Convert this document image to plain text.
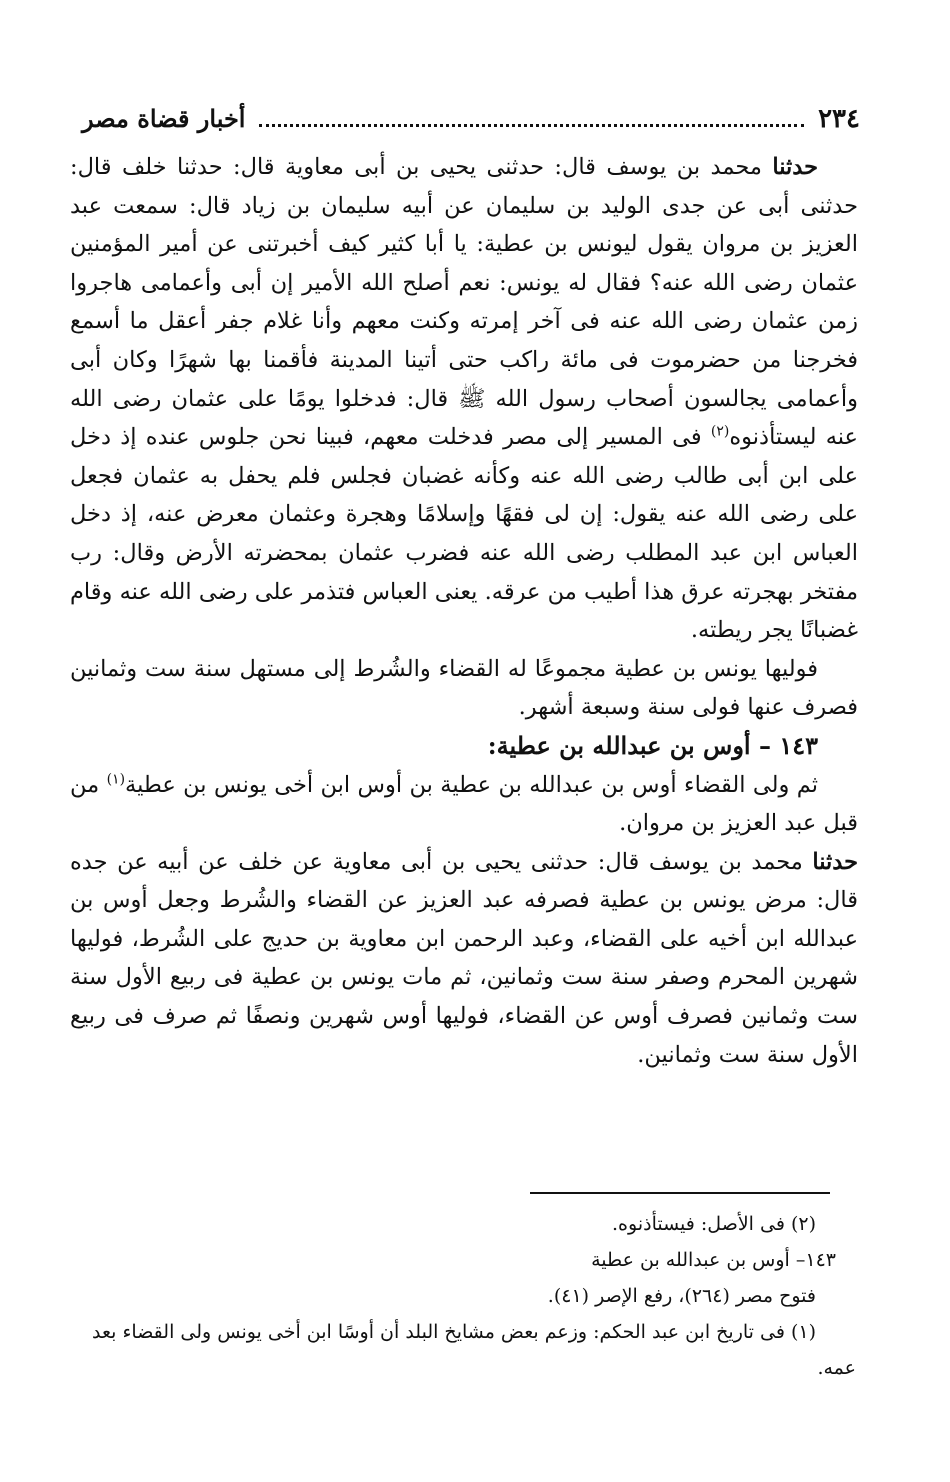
٢٣٤
أخبار قضاة مصر

حدثنا محمد بن يوسف قال: حدثنى يحيى بن أبى معاوية قال: حدثنا خلف قال: حدثنى أبى عن جدى الوليد بن سليمان عن أبيه سليمان بن زياد قال: سمعت عبد العزيز بن مروان يقول ليونس بن عطية: يا أبا كثير كيف أخبرتنى عن أمير المؤمنين عثمان رضى الله عنه؟ فقال له يونس: نعم أصلح الله الأمير إن أبى وأعمامى هاجروا زمن عثمان رضى الله عنه فى آخر إمرته وكنت معهم وأنا غلام جفر أعقل ما أسمع فخرجنا من حضرموت فى مائة راكب حتى أتينا المدينة فأقمنا بها شهرًا وكان أبى وأعمامى يجالسون أصحاب رسول الله ﷺ قال: فدخلوا يومًا على عثمان رضى الله عنه ليستأذنوه$^{(٢)}$ فى المسير إلى مصر فدخلت معهم، فبينا نحن جلوس عنده إذ دخل على ابن أبى طالب رضى الله عنه وكأنه غضبان فجلس فلم يحفل به عثمان فجعل على رضى الله عنه يقول: إن لى فقهًا وإسلامًا وهجرة وعثمان معرض عنه، إذ دخل العباس ابن عبد المطلب رضى الله عنه فضرب عثمان بمحضرته الأرض وقال: رب مفتخر بهجرته عرق هذا أطيب من عرقه. يعنى العباس فتذمر على رضى الله عنه وقام غضبانًا يجر ريطته.

فوليها يونس بن عطية مجموعًا له القضاء والشُرط إلى مستهل سنة ست وثمانين فصرف عنها فولى سنة وسبعة أشهر.

١٤٣ – أوس بن عبدالله بن عطية:

ثم ولى القضاء أوس بن عبدالله بن عطية بن أوس ابن أخى يونس بن عطية$^{(١)}$ من قبل عبد العزيز بن مروان.

حدثنا محمد بن يوسف قال: حدثنى يحيى بن أبى معاوية عن خلف عن أبيه عن جده قال: مرض يونس بن عطية فصرفه عبد العزيز عن القضاء والشُرط وجعل أوس بن عبدالله ابن أخيه على القضاء، وعبد الرحمن ابن معاوية بن حديج على الشُرط، فوليها شهرين المحرم وصفر سنة ست وثمانين، ثم مات يونس بن عطية فى ربيع الأول سنة ست وثمانين فصرف أوس عن القضاء، فوليها أوس شهرين ونصفًا ثم صرف فى ربيع الأول سنة ست وثمانين.

(٢) فى الأصل: فيستأذنوه.

١٤٣– أوس بن عبدالله بن عطية

فتوح مصر (٢٦٤)، رفع الإصر (٤١).

(١) فى تاريخ ابن عبد الحكم: وزعم بعض مشايخ البلد أن أوسًا ابن أخى يونس ولى القضاء بعد عمه.
